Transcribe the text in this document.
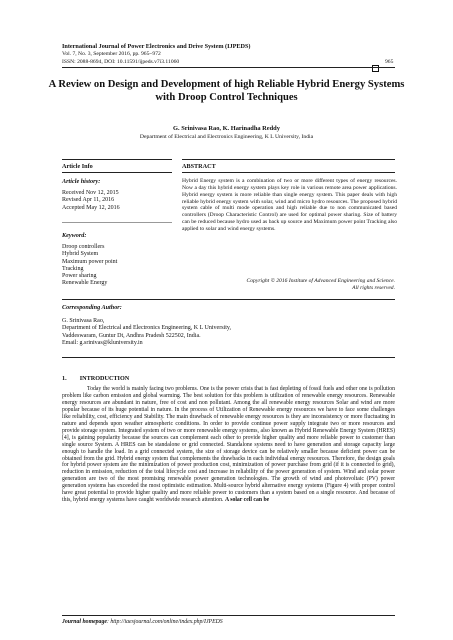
International Journal of Power Electronics and Drive System (IJPEDS)
Vol. 7, No. 3, September 2016, pp. 965~972
ISSN: 2088-8694, DOI: 10.11591/ijpeds.v7i3.11060	965
A Review on Design and Development of high Reliable Hybrid Energy Systems with Droop Control Techniques
G. Srinivasa Rao, K. Harinadha Reddy
Department of Electrical and Electronics Engineering, K L University, India
Article Info	ABSTRACT
Article history:
Received Nov 12, 2015
Revised Apr 11, 2016
Accepted May 12, 2016
Keyword:
Droop controllers
Hybrid System
Maximum power point
Tracking
Power sharing
Renewable Energy
Hybrid Energy system is a combination of two or more different types of energy resources. Now a day this hybrid energy system plays key role in various remote area power applications. Hybrid energy system is more reliable than single energy system. This paper deals with high reliable hybrid energy system with solar, wind and micro hydro resources. The proposed hybrid system cable of multi mode operation and high reliable due to non communicated based controllers (Droop Characteristic Control) are used for optimal power sharing. Size of battery can be reduced because hydro used as back up source and Maximum power point Tracking also applied to solar and wind energy systems.
Copyright © 2016 Institute of Advanced Engineering and Science.
All rights reserved.
Corresponding Author:
G. Srinivasa Rao,
Department of Electrical and Electronics Engineering, K L University,
Vaddeswaram, Guntur Dt, Andhra Pradesh 522502, India.
Email: g.srinivas@kluniversity.in
1. INTRODUCTION

Today the world is mainly facing two problems. One is the power crisis that is fast depleting of fossil fuels and other one is pollution problem like carbon emission and global warming. The best solution for this problem is utilization of renewable energy resources. Renewable energy resources are abundant in nature, free of cost and non pollutant. Among the all renewable energy resources Solar and wind are more popular because of its huge potential in nature. In the process of Utilization of Renewable energy resources we have to face some challenges like reliability, cost, efficiency and Stability. The main drawback of renewable energy resources is they are inconsistency or more fluctuating in nature and depends upon weather atmospheric conditions. In order to provide continue power supply integrate two or more resources and provide storage system. Integrated system of two or more renewable energy systems, also known as Hybrid Renewable Energy System (HRES) [4], is gaining popularity because the sources can complement each other to provide higher quality and more reliable power to customer than single source System. A HRES can be standalone or grid connected. Standalone systems need to have generation and storage capacity large enough to handle the load. In a grid connected system, the size of storage device can be relatively smaller because deficient power can be obtained from the grid. Hybrid energy system that complements the drawbacks in each individual energy resources. Therefore, the design goals for hybrid power system are the minimization of power production cost, minimization of power purchase from grid (if it is connected to grid), reduction in emission, reduction of the total lifecycle cost and increase in reliability of the power generation of system. Wind and solar power generation are two of the most promising renewable power generation technologies. The growth of wind and photovoltaic (PV) power generation systems has exceeded the most optimistic estimation. Multi-source hybrid alternative energy systems (Figure 4) with proper control have great potential to provide higher quality and more reliable power to customers than a system based on a single resource. And because of this, hybrid energy systems have caught worldwide research attention. A solar cell can be

Journal homepage: http://iaesjournal.com/online/index.php/IJPEDS
